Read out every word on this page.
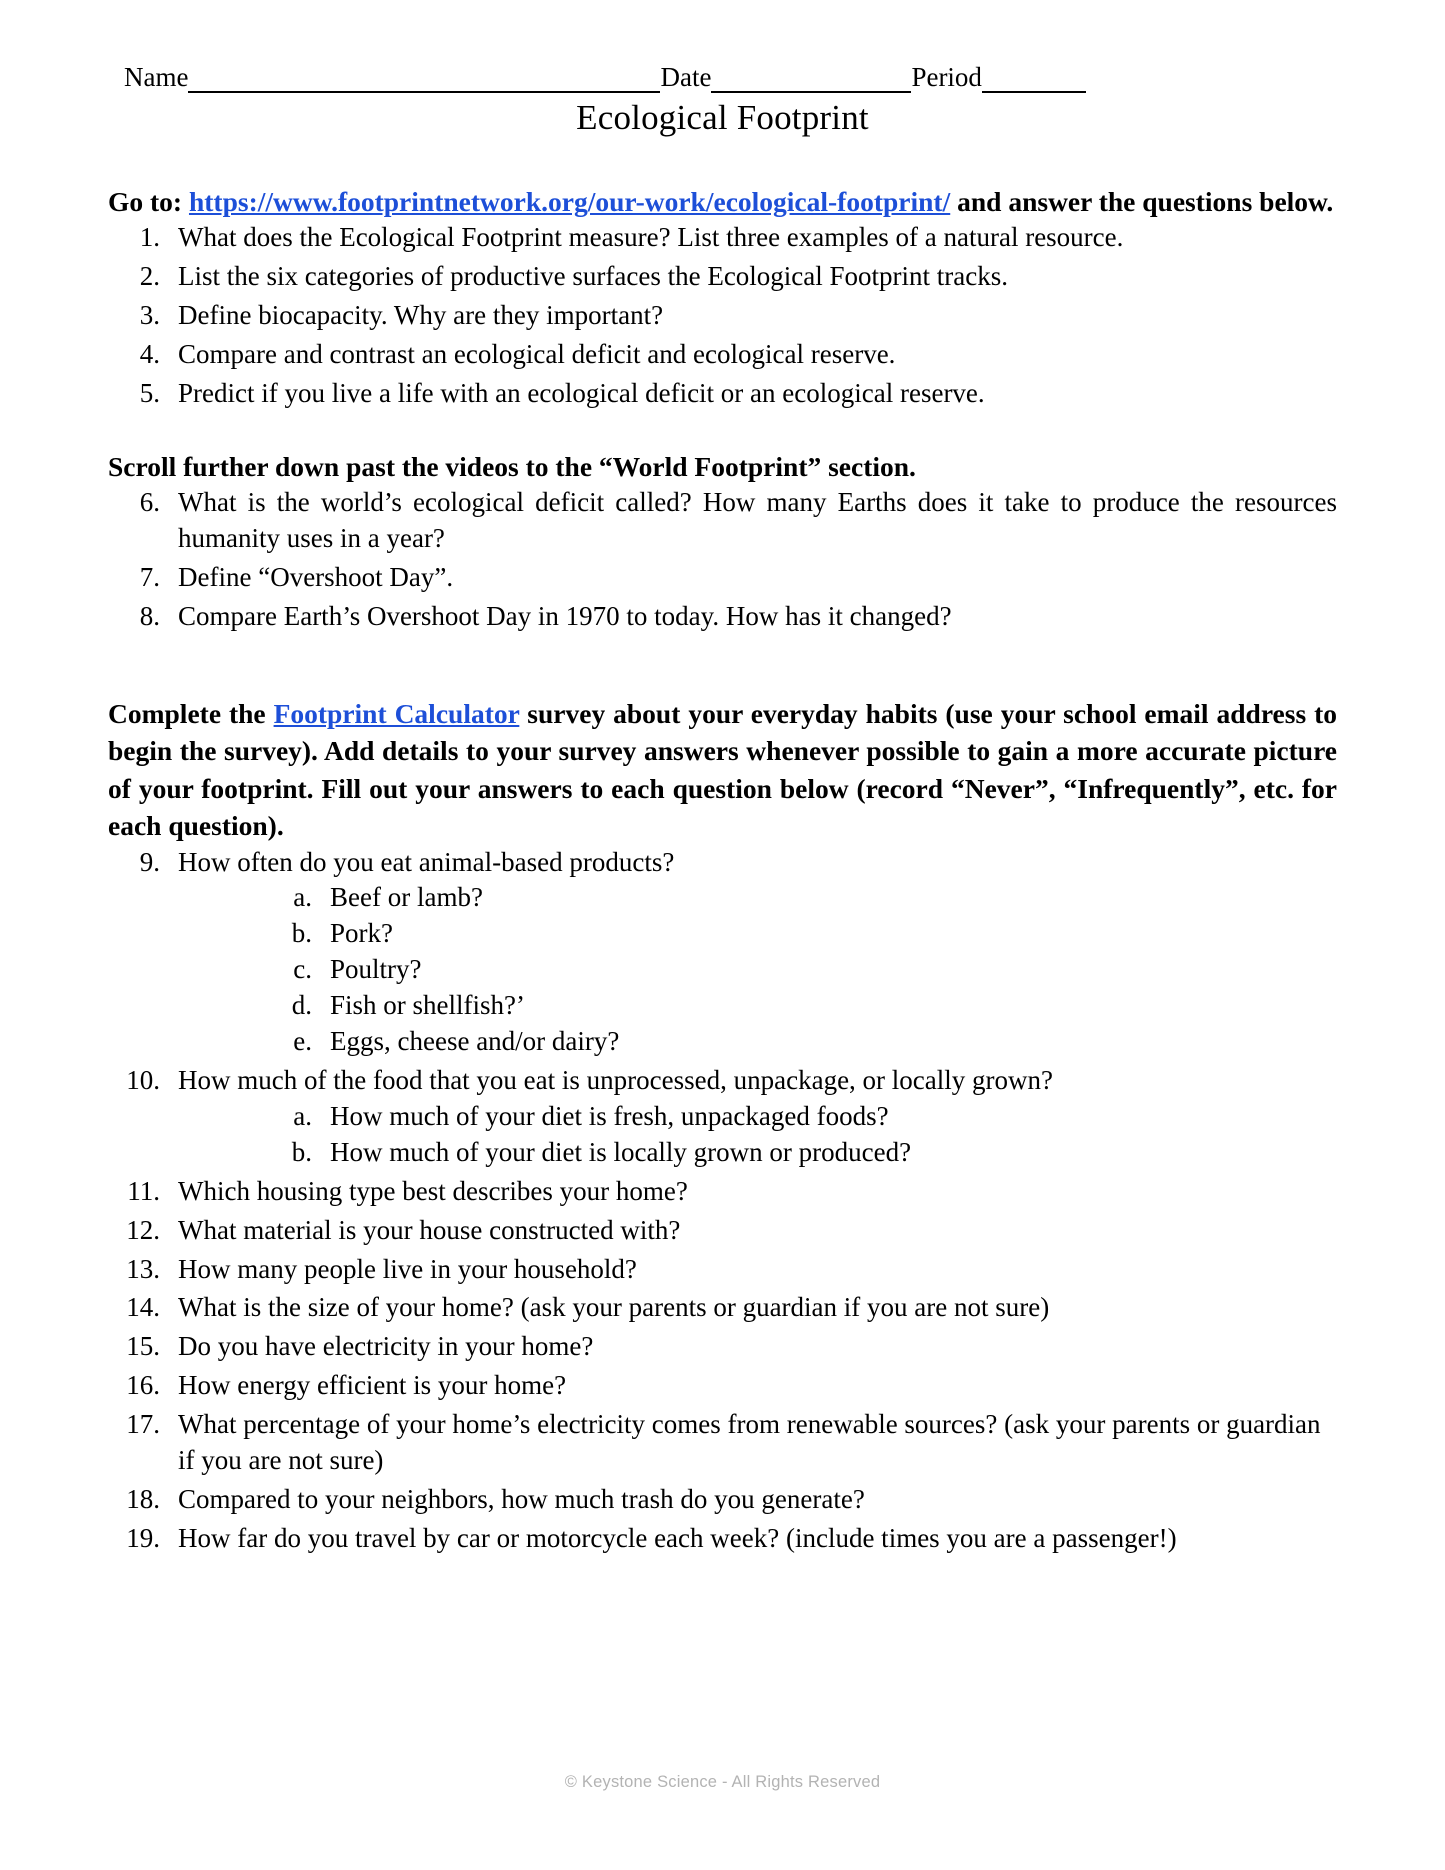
Name	Date	Period
Ecological Footprint

Go to: https://www.footprintnetwork.org/our-work/ecological-footprint/ and answer the questions below.

1. What does the Ecological Footprint measure? List three examples of a natural resource.
2. List the six categories of productive surfaces the Ecological Footprint tracks.
3. Define biocapacity. Why are they important?
4. Compare and contrast an ecological deficit and ecological reserve.
5. Predict if you live a life with an ecological deficit or an ecological reserve.

Scroll further down past the videos to the “World Footprint” section.

6. What is the world’s ecological deficit called? How many Earths does it take to produce the resources humanity uses in a year?
7. Define “Overshoot Day”.
8. Compare Earth’s Overshoot Day in 1970 to today. How has it changed?

Complete the Footprint Calculator survey about your everyday habits (use your school email address to begin the survey). Add details to your survey answers whenever possible to gain a more accurate picture of your footprint. Fill out your answers to each question below (record “Never”, “Infrequently”, etc. for each question).

9. How often do you eat animal-based products?
a. Beef or lamb?
b. Pork?
c. Poultry?
d. Fish or shellfish?’
e. Eggs, cheese and/or dairy?
10. How much of the food that you eat is unprocessed, unpackage, or locally grown?
a. How much of your diet is fresh, unpackaged foods?
b. How much of your diet is locally grown or produced?
11. Which housing type best describes your home?
12. What material is your house constructed with?
13. How many people live in your household?
14. What is the size of your home? (ask your parents or guardian if you are not sure)
15. Do you have electricity in your home?
16. How energy efficient is your home?
17. What percentage of your home’s electricity comes from renewable sources? (ask your parents or guardian if you are not sure)
18. Compared to your neighbors, how much trash do you generate?
19. How far do you travel by car or motorcycle each week? (include times you are a passenger!)
© Keystone Science - All Rights Reserved
